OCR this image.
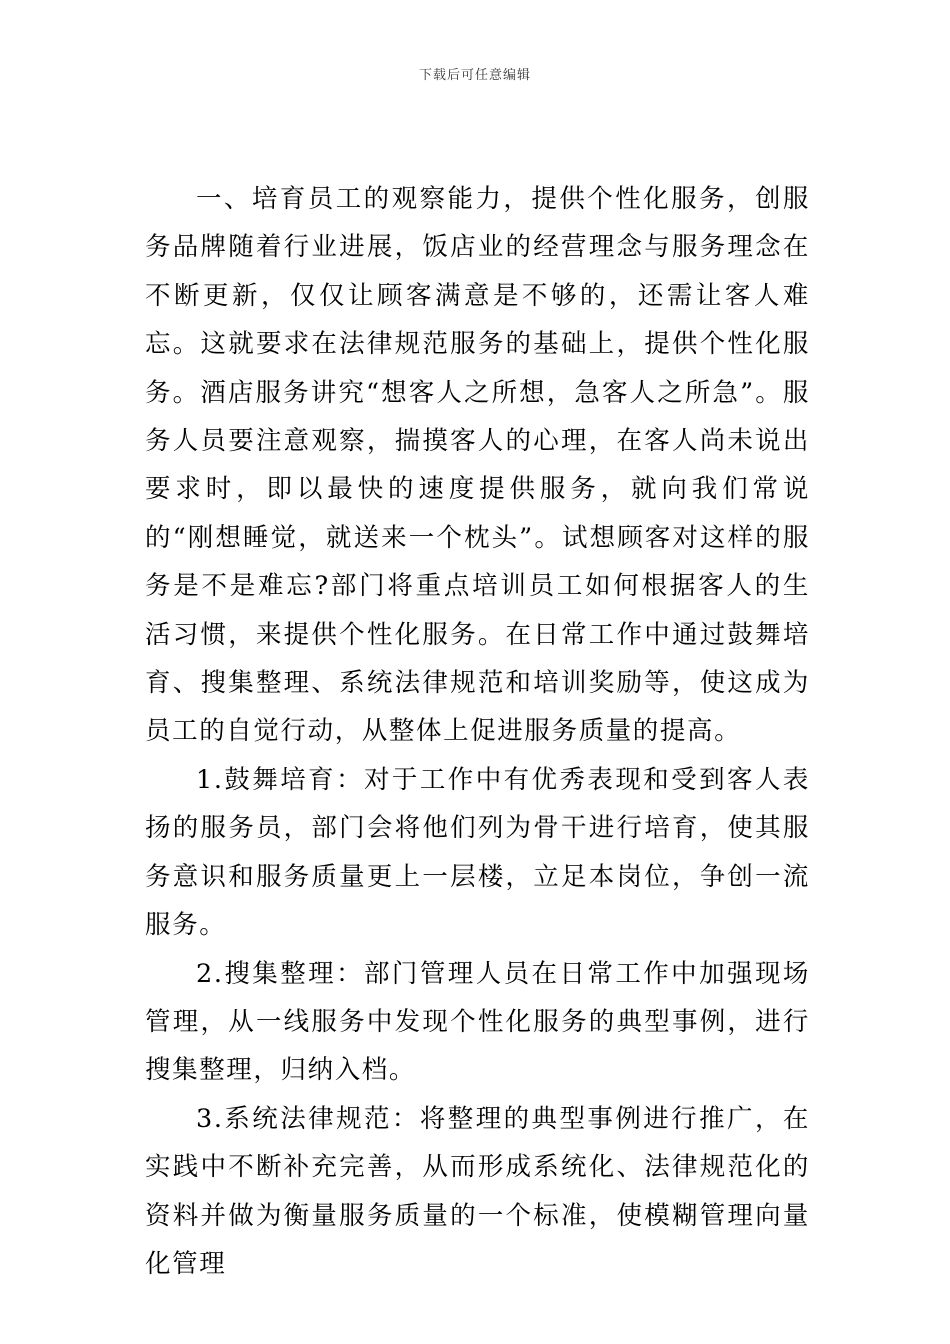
下载后可任意编辑

一、培育员工的观察能力，提供个性化服务，创服务品牌随着行业进展，饭店业的经营理念与服务理念在不断更新，仅仅让顾客满意是不够的，还需让客人难忘。这就要求在法律规范服务的基础上，提供个性化服务。酒店服务讲究“想客人之所想，急客人之所急”。服务人员要注意观察，揣摸客人的心理，在客人尚未说出要求时，即以最快的速度提供服务，就向我们常说的“刚想睡觉，就送来一个枕头”。试想顾客对这样的服务是不是难忘?部门将重点培训员工如何根据客人的生活习惯，来提供个性化服务。在日常工作中通过鼓舞培育、搜集整理、系统法律规范和培训奖励等，使这成为员工的自觉行动，从整体上促进服务质量的提高。

1.鼓舞培育：对于工作中有优秀表现和受到客人表扬的服务员，部门会将他们列为骨干进行培育，使其服务意识和服务质量更上一层楼，立足本岗位，争创一流服务。

2.搜集整理：部门管理人员在日常工作中加强现场管理，从一线服务中发现个性化服务的典型事例，进行搜集整理，归纳入档。

3.系统法律规范：将整理的典型事例进行推广，在实践中不断补充完善，从而形成系统化、法律规范化的资料并做为衡量服务质量的一个标准，使模糊管理向量化管理
